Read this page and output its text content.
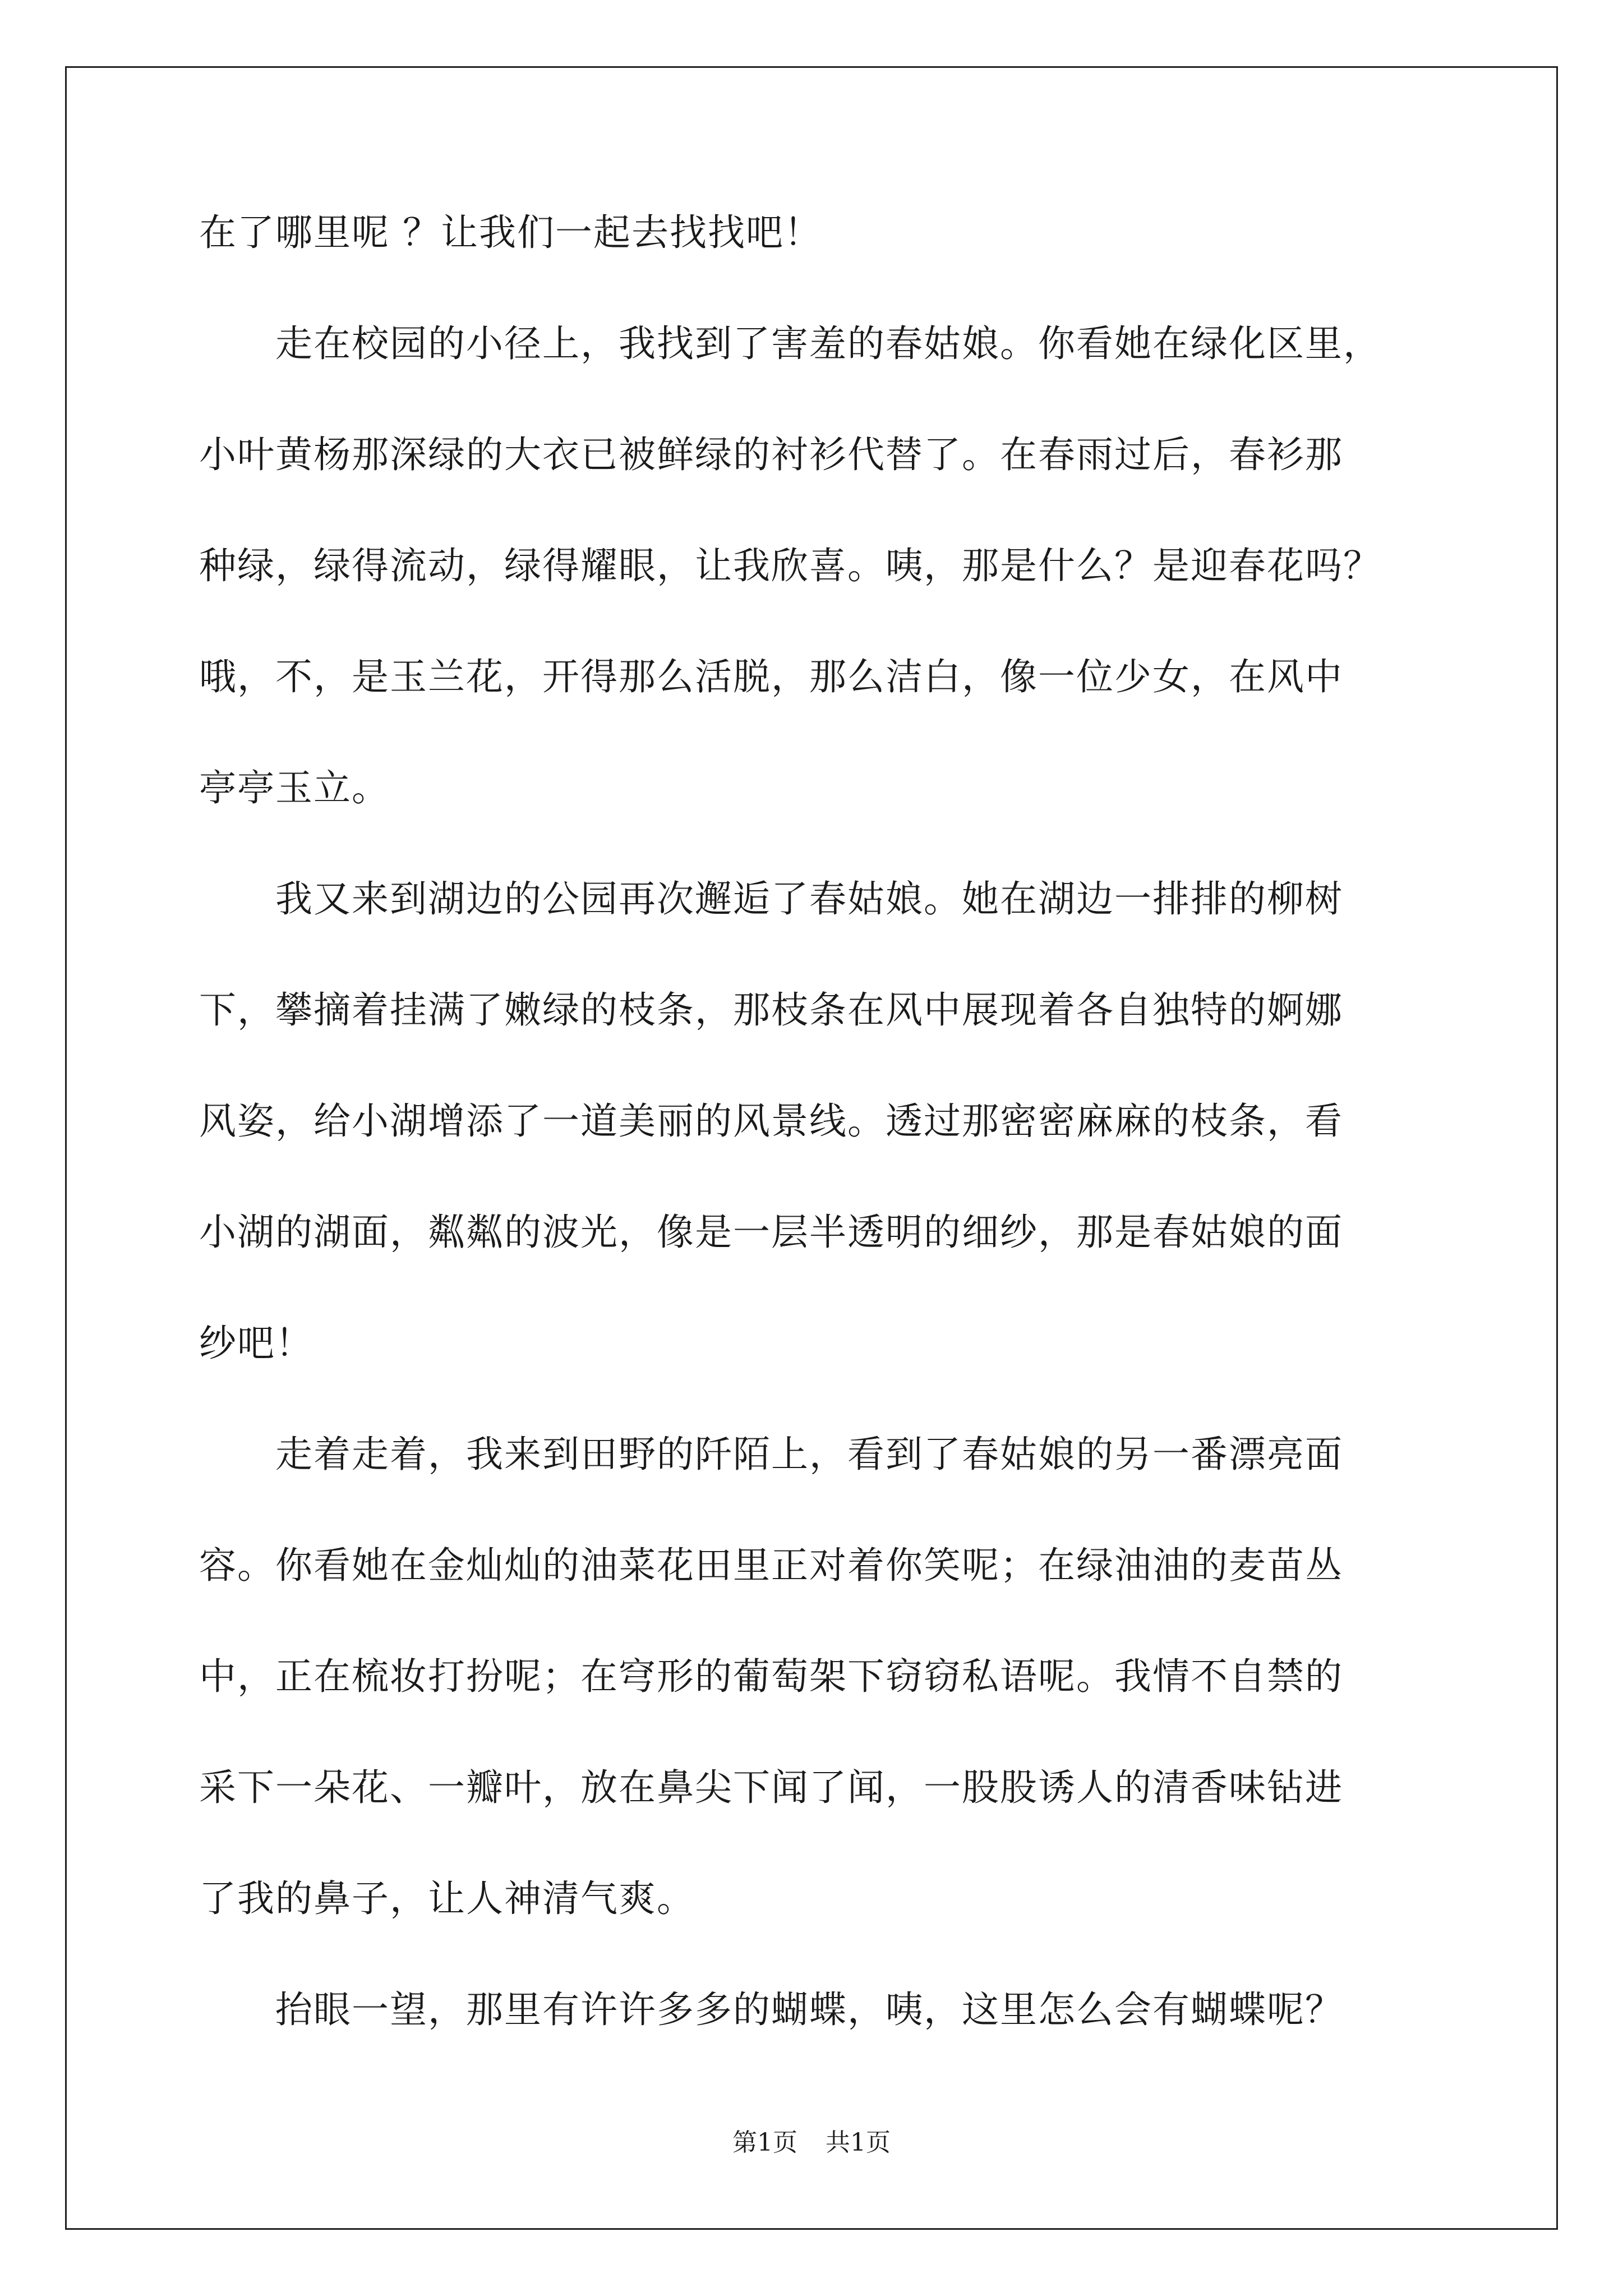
在了哪里呢 ？让我们一起去找找吧！
　　走在校园的小径上，我找到了害羞的春姑娘。你看她在绿化区里，
小叶黄杨那深绿的大衣已被鲜绿的衬衫代替了。在春雨过后，春衫那
种绿，绿得流动，绿得耀眼，让我欣喜。咦，那是什么？是迎春花吗？
哦，不，是玉兰花，开得那么活脱，那么洁白，像一位少女，在风中
亭亭玉立。
　　我又来到湖边的公园再次邂逅了春姑娘。她在湖边一排排的柳树
下，攀摘着挂满了嫩绿的枝条，那枝条在风中展现着各自独特的婀娜
风姿，给小湖增添了一道美丽的风景线。透过那密密麻麻的枝条，看
小湖的湖面，粼粼的波光，像是一层半透明的细纱，那是春姑娘的面
纱吧！
　　走着走着，我来到田野的阡陌上，看到了春姑娘的另一番漂亮面
容。你看她在金灿灿的油菜花田里正对着你笑呢；在绿油油的麦苗丛
中，正在梳妆打扮呢；在穹形的葡萄架下窃窃私语呢。我情不自禁的
采下一朵花、一瓣叶，放在鼻尖下闻了闻，一股股诱人的清香味钻进
了我的鼻子，让人神清气爽。
　　抬眼一望，那里有许许多多的蝴蝶，咦，这里怎么会有蝴蝶呢？
第1页 共1页
